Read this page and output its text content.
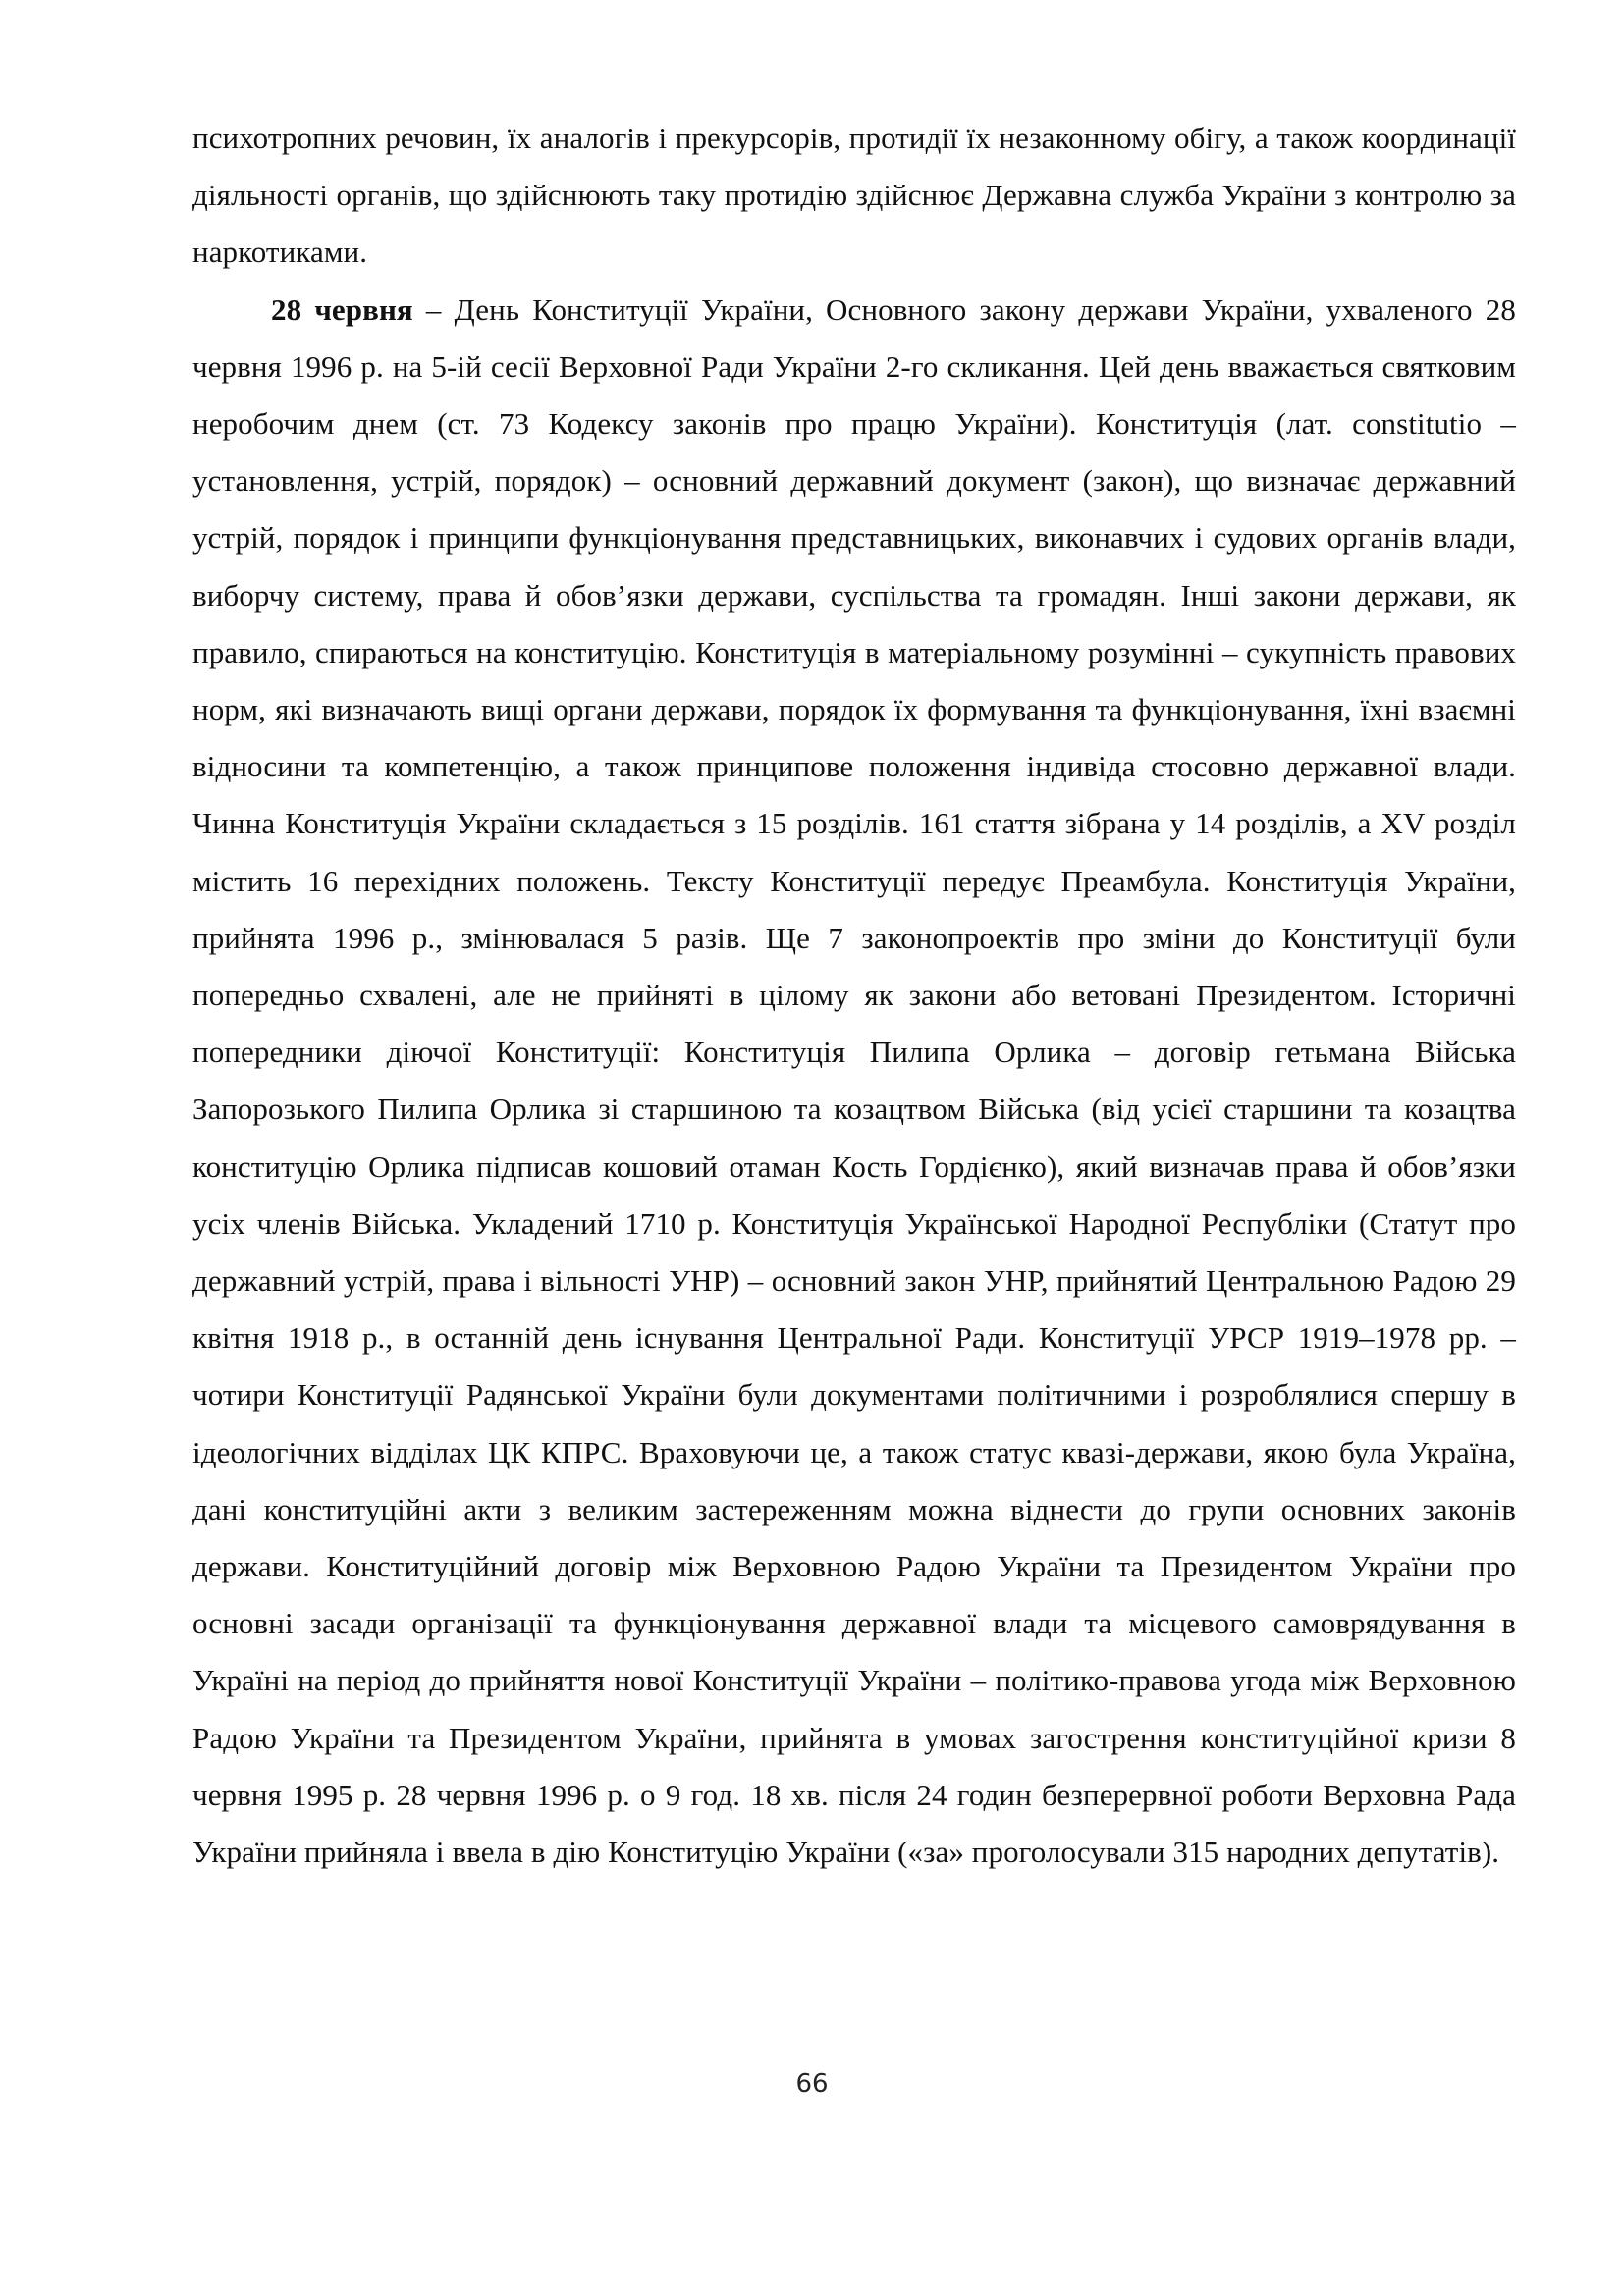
психотропних речовин, їх аналогів і прекурсорів, протидії їх незаконному обігу, а також координації діяльності органів, що здійснюють таку протидію здійснює Державна служба України з контролю за наркотиками.

28 червня – День Конституції України, Основного закону держави України, ухваленого 28 червня 1996 р. на 5-ій сесії Верховної Ради України 2-го скликання. Цей день вважається святковим неробочим днем (ст. 73 Кодексу законів про працю України). Конституція (лат. constitutio – установлення, устрій, порядок) – основний державний документ (закон), що визначає державний устрій, порядок і принципи функціонування представницьких, виконавчих і судових органів влади, виборчу систему, права й обов’язки держави, суспільства та громадян. Інші закони держави, як правило, спираються на конституцію. Конституція в матеріальному розумінні – сукупність правових норм, які визначають вищі органи держави, порядок їх формування та функціонування, їхні взаємні відносини та компетенцію, а також принципове положення індивіда стосовно державної влади. Чинна Конституція України складається з 15 розділів. 161 стаття зібрана у 14 розділів, а XV розділ містить 16 перехідних положень. Тексту Конституції передує Преамбула. Конституція України, прийнята 1996 р., змінювалася 5 разів. Ще 7 законопроектів про зміни до Конституції були попередньо схвалені, але не прийняті в цілому як закони або ветовані Президентом. Історичні попередники діючої Конституції: Конституція Пилипа Орлика – договір гетьмана Війська Запорозького Пилипа Орлика зі старшиною та козацтвом Війська (від усієї старшини та козацтва конституцію Орлика підписав кошовий отаман Кость Гордієнко), який визначав права й обов’язки усіх членів Війська. Укладений 1710 р. Конституція Української Народної Республіки (Статут про державний устрій, права і вільності УНР) – основний закон УНР, прийнятий Центральною Радою 29 квітня 1918 р., в останній день існування Центральної Ради. Конституції УРСР 1919–1978 рр. – чотири Конституції Радянської України були документами політичними і розроблялися спершу в ідеологічних відділах ЦК КПРС. Враховуючи це, а також статус квазі-держави, якою була Україна, дані конституційні акти з великим застереженням можна віднести до групи основних законів держави. Конституційний договір між Верховною Радою України та Президентом України про основні засади організації та функціонування державної влади та місцевого самоврядування в Україні на період до прийняття нової Конституції України – політико-правова угода між Верховною Радою України та Президентом України, прийнята в умовах загострення конституційної кризи 8 червня 1995 р. 28 червня 1996 р. о 9 год. 18 хв. після 24 годин безперервної роботи Верховна Рада України прийняла і ввела в дію Конституцію України («за» проголосували 315 народних депутатів).

66
